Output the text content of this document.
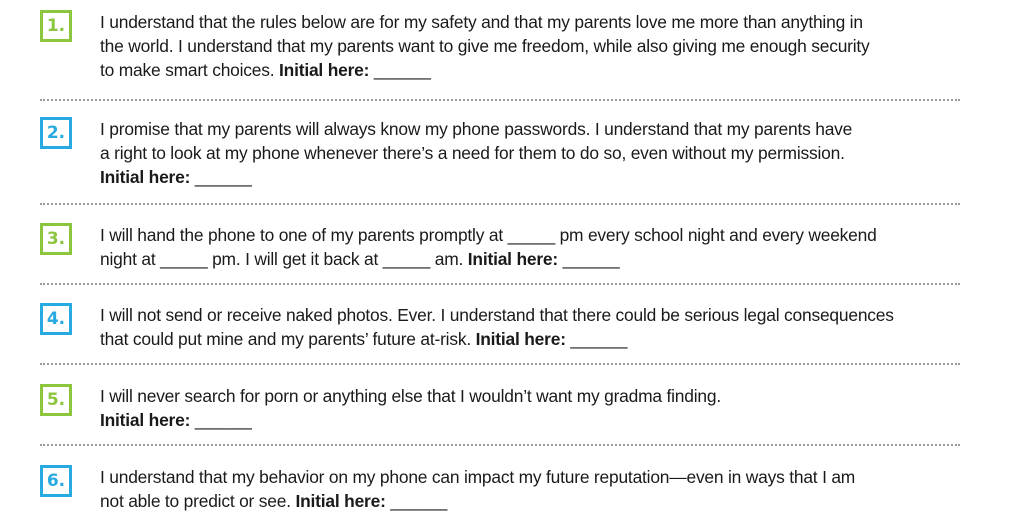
1.	I understand that the rules below are for my safety and that my parents love me more than anything in
the world. I understand that my parents want to give me freedom, while also giving me enough security
to make smart choices. Initial here: ______
2.	I promise that my parents will always know my phone passwords. I understand that my parents have
a right to look at my phone whenever there’s a need for them to do so, even without my permission.
Initial here: ______
3.	I will hand the phone to one of my parents promptly at _____ pm every school night and every weekend
night at _____ pm. I will get it back at _____ am. Initial here: ______
4.	I will not send or receive naked photos. Ever. I understand that there could be serious legal consequences
that could put mine and my parents’ future at-risk. Initial here: ______
5.	I will never search for porn or anything else that I wouldn’t want my gradma finding.
Initial here: ______
6.	I understand that my behavior on my phone can impact my future reputation—even in ways that I am
not able to predict or see. Initial here: ______
